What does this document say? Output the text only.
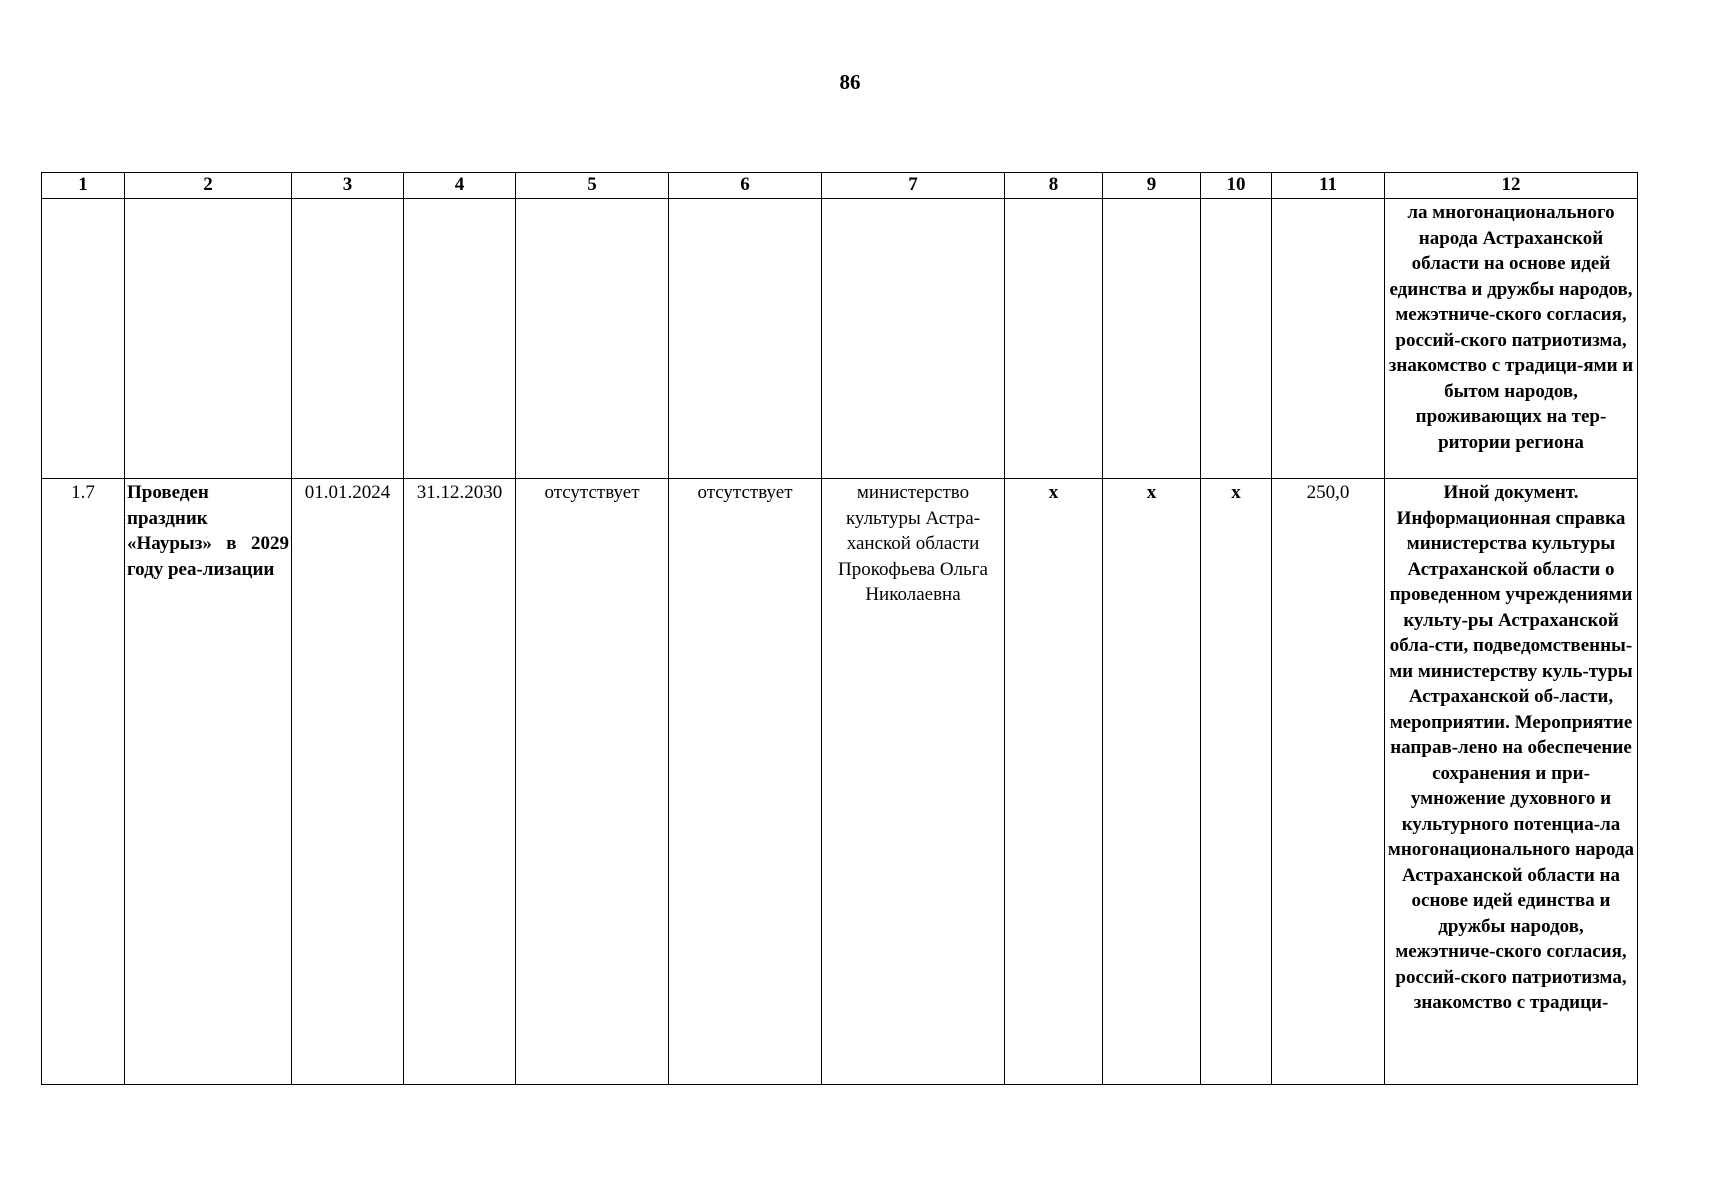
86
1	2	3	4	5	6	7	8	9	10	11	12
											ла многонационального народа Астраханской области на основе идей единства и дружбы народов, межэтниче-ского согласия, россий-ского патриотизма, знакомство с традици-ями и бытом народов, проживающих на тер-ритории региона
1.7	Проведен праздник «Наурыз» в 2029 году реа-лизации	01.01.2024	31.12.2030	отсутствует	отсутствует	министерство культуры Астра-ханской области Прокофьева Ольга Николаевна	х	х	х	250,0	Иной документ. Информационная справка министерства культуры Астраханской области о проведенном учреждениями культу-ры Астраханской обла-сти, подведомственны-ми министерству куль-туры Астраханской об-ласти, мероприятии. Мероприятие направ-лено на обеспечение сохранения и при-умножение духовного и культурного потенциа-ла многонационального народа Астраханской области на основе идей единства и дружбы народов, межэтниче-ского согласия, россий-ского патриотизма, знакомство с традици-
